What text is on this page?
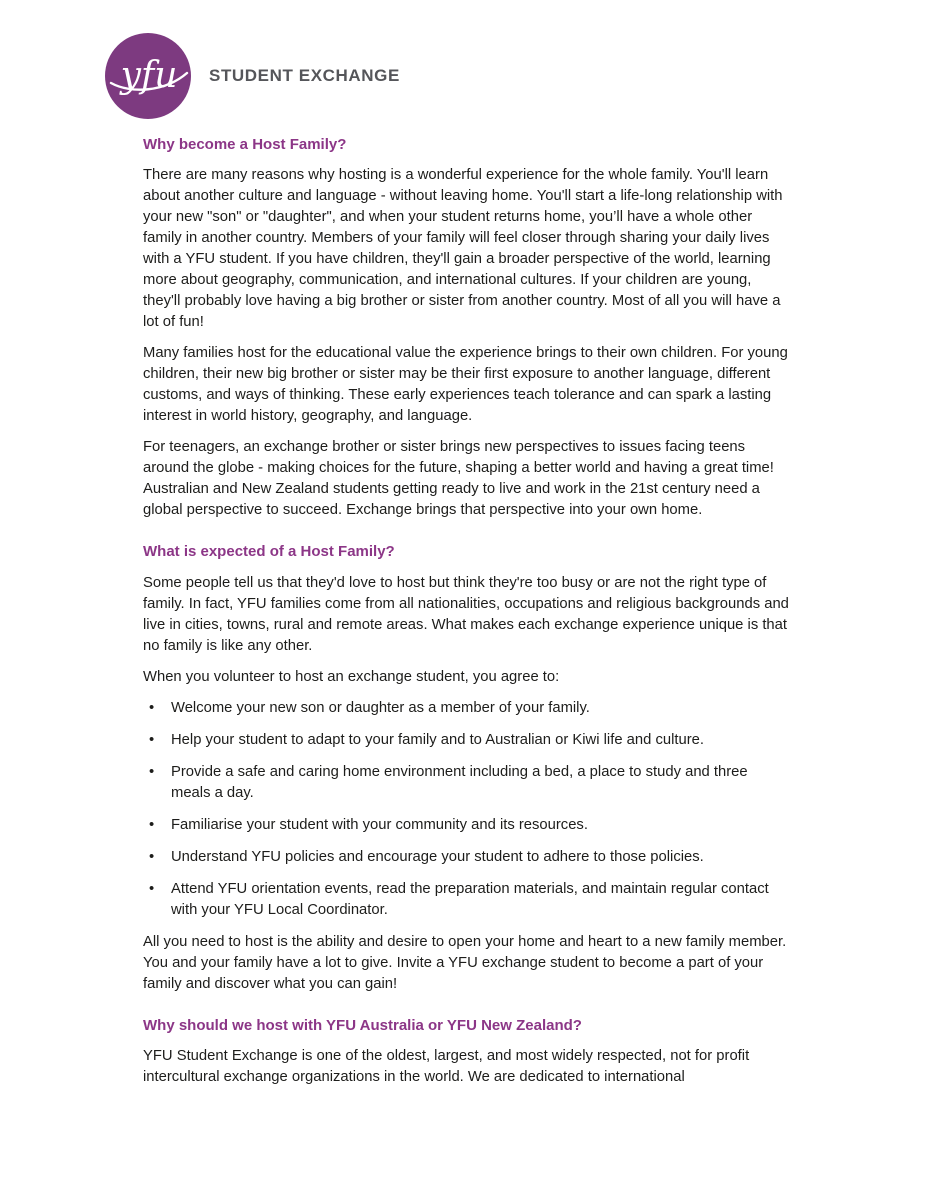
yfu STUDENT EXCHANGE
Why become a Host Family?

There are many reasons why hosting is a wonderful experience for the whole family. You'll learn about another culture and language - without leaving home. You'll start a life-long relationship with your new "son" or "daughter", and when your student returns home, you’ll have a whole other family in another country. Members of your family will feel closer through sharing your daily lives with a YFU student. If you have children, they'll gain a broader perspective of the world, learning more about geography, communication, and international cultures. If your children are young, they'll probably love having a big brother or sister from another country. Most of all you will have a lot of fun!

Many families host for the educational value the experience brings to their own children. For young children, their new big brother or sister may be their first exposure to another language, different customs, and ways of thinking. These early experiences teach tolerance and can spark a lasting interest in world history, geography, and language.

For teenagers, an exchange brother or sister brings new perspectives to issues facing teens around the globe - making choices for the future, shaping a better world and having a great time! Australian and New Zealand students getting ready to live and work in the 21st century need a global perspective to succeed. Exchange brings that perspective into your own home.

What is expected of a Host Family?

Some people tell us that they'd love to host but think they're too busy or are not the right type of family. In fact, YFU families come from all nationalities, occupations and religious backgrounds and live in cities, towns, rural and remote areas. What makes each exchange experience unique is that no family is like any other.

When you volunteer to host an exchange student, you agree to:

• Welcome your new son or daughter as a member of your family.
• Help your student to adapt to your family and to Australian or Kiwi life and culture.
• Provide a safe and caring home environment including a bed, a place to study and three meals a day.
• Familiarise your student with your community and its resources.
• Understand YFU policies and encourage your student to adhere to those policies.
• Attend YFU orientation events, read the preparation materials, and maintain regular contact with your YFU Local Coordinator.

All you need to host is the ability and desire to open your home and heart to a new family member. You and your family have a lot to give. Invite a YFU exchange student to become a part of your family and discover what you can gain!

Why should we host with YFU Australia or YFU New Zealand?

YFU Student Exchange is one of the oldest, largest, and most widely respected, not for profit intercultural exchange organizations in the world. We are dedicated to international
